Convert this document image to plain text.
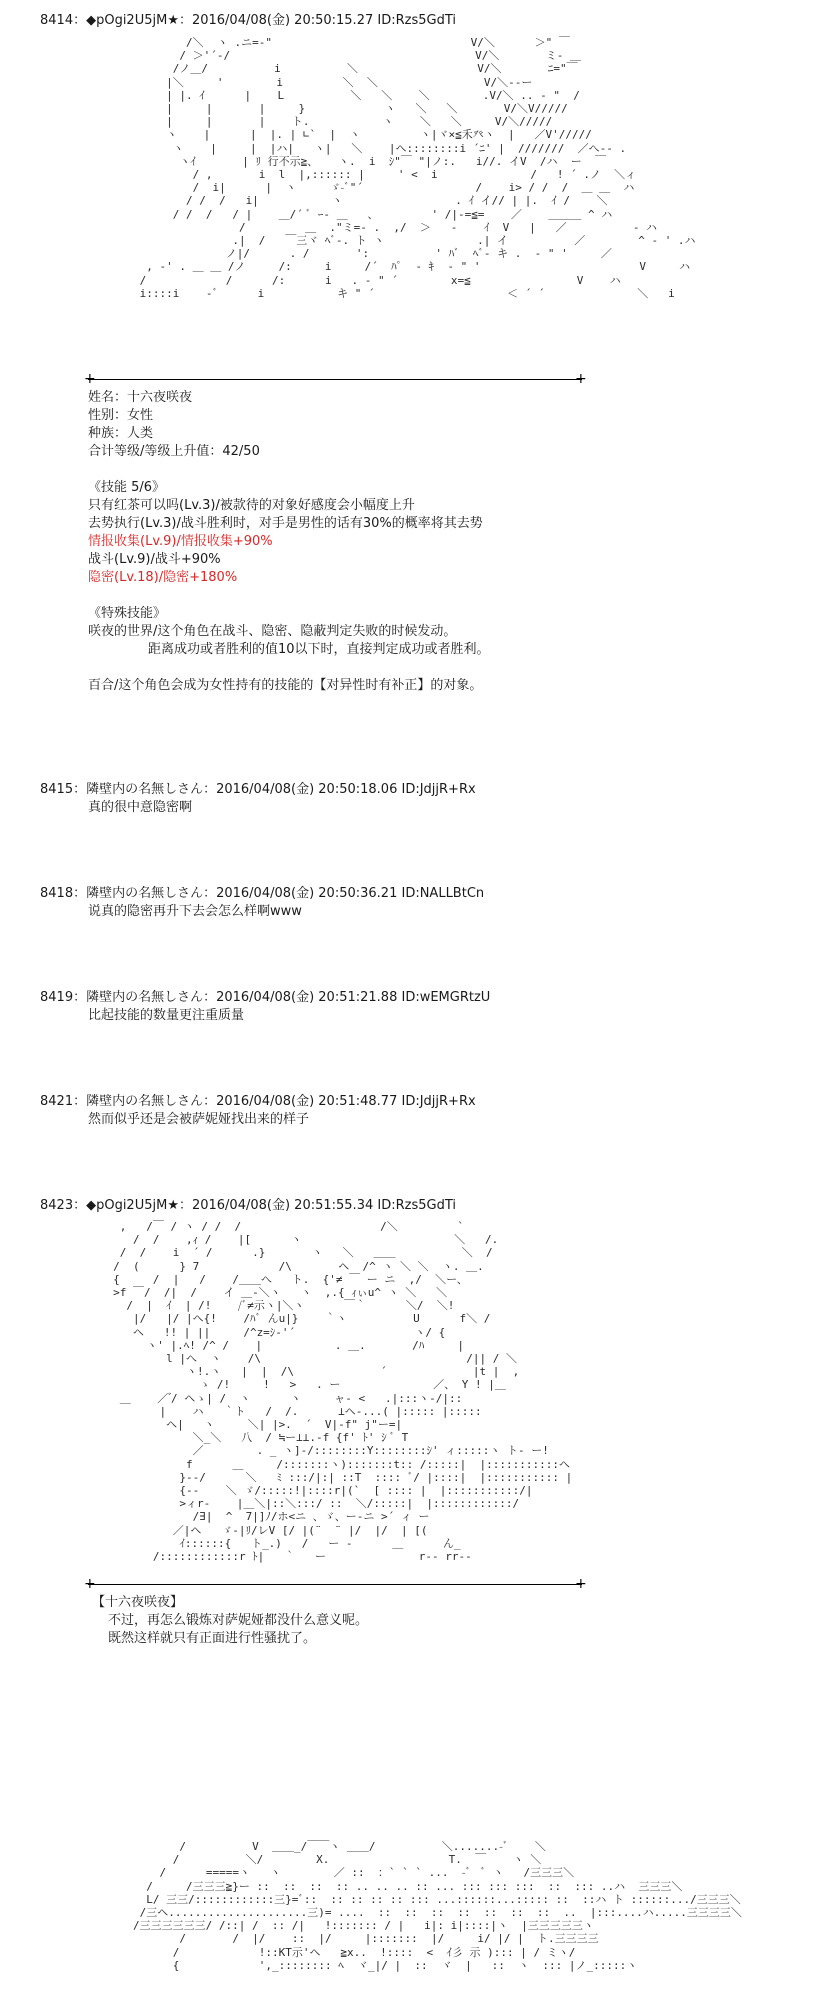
8414：◆pOgi2U5jM★：2016/04/08(金) 20:50:15.27 ID:Rzs5GdTi
/＼  ヽ .ニ=‐"                              V/＼      ＞" ￣
/ ＞'´‐/                                     V/＼       ミ- ＿
/ノ＿/          i          ＼                  V/＼       ﾆ="￣
|＼     '        i         ＼  ＼                V/＼-‐ー
| |. ｲ      |    L          ＼   ＼    ＼        .V/＼ .. - "  /
|     |       |     }            ヽ   ＼   ＼       V/＼V/////
|     |       |    ト.           ヽ    ＼   ＼     V/＼/////
ヽ    |      |  |. | ∟`  |  ヽ         ヽ|ヾ×≦禾癶ヽ  |   ／V'/////
ヽ    |     |  |ハ|   ヽ|   ＼    |ヘ::::::::i ´ﾆ' |  ///////  ／へ-- .
ヽｲ       | ﾘ 行不示≧、   ヽ.  i  ｼ"￣ "|ノ:.   i//. イV  /ハ  ー  ￣
/ ,       i  l  |,:::::: |     ' <  i              /   ! ´ .ノ  ＼ィ
/  i|      |  ヽ     ゞ-ﾞ"´                 /    i> / /  /  ＿ ＿  ハ
/ /  /   i|           ヽ                 . ｲ イ// | |.  ｲ /    ＼
/ /  /   / |    ＿/´ ﾞ ｰ- ＿   、        ' /|‐=≦=    ／    ＿＿＿ ^ ハ
/         ＿  ."ミ=- .  ,/  ＞   -    ｲ  V   |   ／          - ハ
.|  /   ￣三ヾ ﾍﾞ-. ト ヽ              .| イ          ／        ^ - ' .ハ
ノ|/      . /       ':          ' ﾊﾞ  ﾍﾞ- キ .  - " '     ／
, -' . ＿ ＿ /ノ     /:     i     /´  ﾊﾟ  - ｷ  - " '                        V     ハ
/            /      /:      i   . - " ´        x=≦                V    ハ
i::::i    ‐ﾞ      i           キ " ´                    ＜ ´ ´              ＼   i
+	+
姓名：十六夜咲夜
性别：女性
种族：人类
合计等级/等级上升值：42/50
《技能 5/6》
只有红茶可以吗(Lv.3)/被款待的对象好感度会小幅度上升
去势执行(Lv.3)/战斗胜利时，对手是男性的话有30%的概率将其去势
情报收集(Lv.9)/情报收集+90%
战斗(Lv.9)/战斗+90%
隐密(Lv.18)/隐密+180%
《特殊技能》
咲夜的世界/这个角色在战斗、隐密、隐蔽判定失败的时候发动。
距离成功或者胜利的值10以下时，直接判定成功或者胜利。
百合/这个角色会成为女性持有的技能的【对异性时有补正】的对象。
8415：隣壁内の名無しさん：2016/04/08(金) 20:50:18.06 ID:JdjjR+Rx
真的很中意隐密啊
8418：隣壁内の名無しさん：2016/04/08(金) 20:50:36.21 ID:NALLBtCn
说真的隐密再升下去会怎么样啊www
8419：隣壁内の名無しさん：2016/04/08(金) 20:51:21.88 ID:wEMGRtzU
比起技能的数量更注重质量
8421：隣壁内の名無しさん：2016/04/08(金) 20:51:48.77 ID:JdjjR+Rx
然而似乎还是会被萨妮娅找出来的样子
8423：◆pOgi2U5jM★：2016/04/08(金) 20:51:55.34 ID:Rzs5GdTi
,   /￣ / ヽ / /  /                     /＼         `
/  /    ,ｨ /    |[      ヽ                       ＼   /.
/  /    i  ´ /      .}       ヽ   ＼   ＿＿          ＼  /
/  (      } 7            /\       ヘ  /^ ヽ ＼ ＼  ヽ. ＿.
{     /  |   /    /＿＿へ   ト.  {'≠ ￣ ー ニ  ,/  ＼ー、
>f ￣/  /|  /    イ ＿-＼ヽ   ヽ  ,.{ ｨぃu^ ヽ ＼   ＼
/  |  ｲ  | /!    /ﾞ≠示ヽ|＼ヽ      ￣｀      ＼/  ＼!
|/   |/ |ヘ{!    /ﾊﾞ んu|}    ｀ヽ          U      f＼ /
ヘ   !! | ||     /^z=ｼ‐'´                  ヽ/ {
ヽ' |.ﾍ! /^ /    |           . ＿.       /ﾊ     |
l |へ  ヽ    /\                               /|| / ＼
ヽ!.ヽ   |  |  /\             ´             |t |  ,
ゝ /!     !   >   . ー              ／、 Y ! |＿
＿    ／ ゙/ ヘゝ| /  ヽ      ヽ     ャ- <   .|:::ヽ-/|::
|    ハ   ｀ト   /  /.      ⊥ヘ-...( |::::: |:::::
ヘ|   ヽ     ＼| |>.  ´  V|‐f" j"ー=|
＼_＼   八  / ≒ー⊥⊥.-f {f' ﾄ' ｼ ﾞ T
／        . _ ヽ]-/::::::::Y::::::::ｼ' ィ:::::ヽ ト- ー!
f      ＿     /:::::::ヽ):::::::t:: /:::::|  |:::::::::::ヘ
}-‐/      ＼   ﾐ :::/|:| ::T  :::: ﾞ/ |::::|  |::::::::::: |
{‐‐    ＼ ゞ/:::::!|::::r|(`  [ :::: |  |:::::::::::/|
>ィr-    |＿＼|::＼:::/ ::  ＼/:::::|  |::::::::::::/
/∃|  ^  7|]ﾉ/ホ<ニ 、ゞ、ー‐ニ >´ ィ ー
／|ヘ   ゞ-|ﾘ/レV [/ |(¨  ¨ |/  |/  | [(
ｲ::::::{   ト_.)   /   ー -      ＿      ん_
/::::::::::::r ﾄ|   ｀   ー              r‐‐ rr‐‐
+	+
【十六夜咲夜】
不过，再怎么锻炼对萨妮娅都没什么意义呢。
既然这样就只有正面进行性骚扰了。
/          V  ＿＿_/￣￣ヽ ＿＿/          ＼.......-ﾞ    ＼
/          ＼/        X.                  T.  ￣    ヽ ＼
/      =====ヽ   ヽ        ／ ::  ：` ` ` ...  -ﾞ  ﾞ ヽ   /三三三＼
/     /三三三≧}ー ::  ::  ::  :: .. .. .. :: ... ::: ::: :::  ::  ::: ..ハ  三三三＼
L/ 三三/::::::::::::三}=ﾞ::  :: :: :: :: ::: ...::::::...::::: ::  ::ハ ト ::::::.../三三三＼
/三ヘ.....................三)= ....  ::  ::  ::  ::  ::  ::  ::  ..  |:::....ハ.....三三三三＼
/三三三三三三/ /::| /  :: /|   !::::::: / |   i|: i|::::|ヽ  |三三三三三ヽ
/       /  |/    ::  |/     |:::::::  |/     i/ |/ |  ト.三三三三
/            !::KT示'ヘ   ≧x..  !::::  <  ｲ彡 示 )::: | / ミヽ/
{            ',_:::::::: ﾍ  ヾ_|/ |  ::  ヾ  |   ::  ヽ  ::: |ノ_:::::ヽ
